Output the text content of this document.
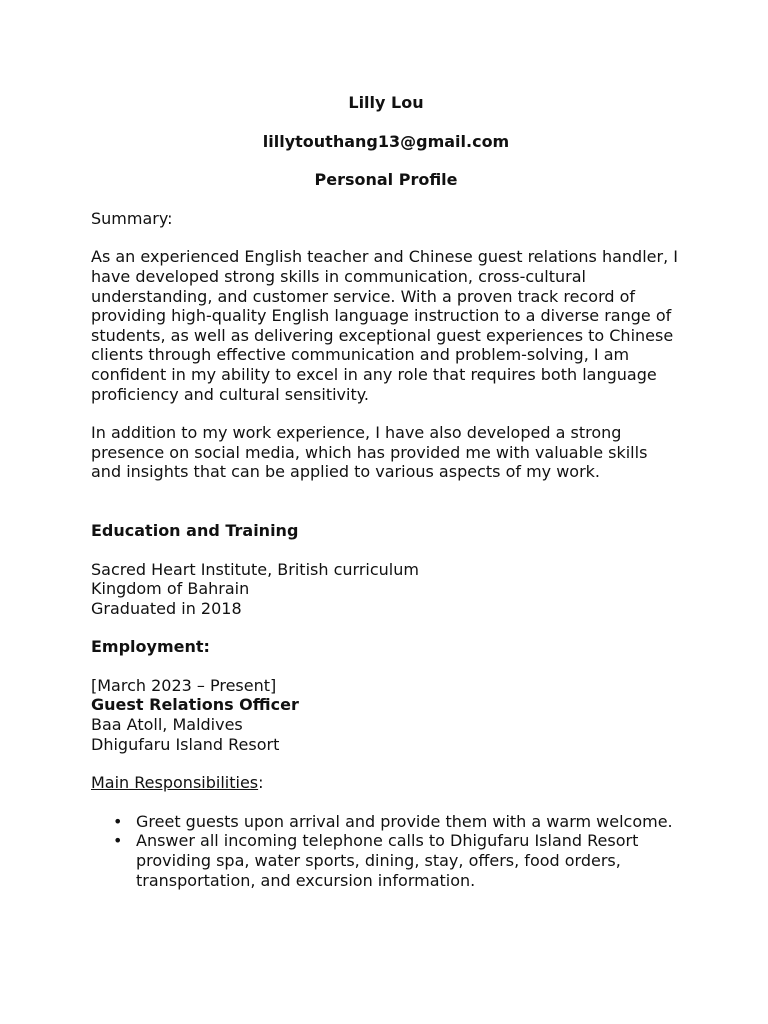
Lilly Lou

lillytouthang13@gmail.com

Personal Profile

Summary:

As an experienced English teacher and Chinese guest relations handler, I have developed strong skills in communication, cross-cultural understanding, and customer service. With a proven track record of providing high-quality English language instruction to a diverse range of students, as well as delivering exceptional guest experiences to Chinese clients through effective communication and problem-solving, I am confident in my ability to excel in any role that requires both language proficiency and cultural sensitivity.

In addition to my work experience, I have also developed a strong presence on social media, which has provided me with valuable skills and insights that can be applied to various aspects of my work.

Education and Training

Sacred Heart Institute, British curriculum

Kingdom of Bahrain

Graduated in 2018

Employment:

[March 2023 – Present]

Guest Relations Officer

Baa Atoll, Maldives

Dhigufaru Island Resort

Main Responsibilities:

• Greet guests upon arrival and provide them with a warm welcome.
• Answer all incoming telephone calls to Dhigufaru Island Resort providing spa, water sports, dining, stay, offers, food orders, transportation, and excursion information.
